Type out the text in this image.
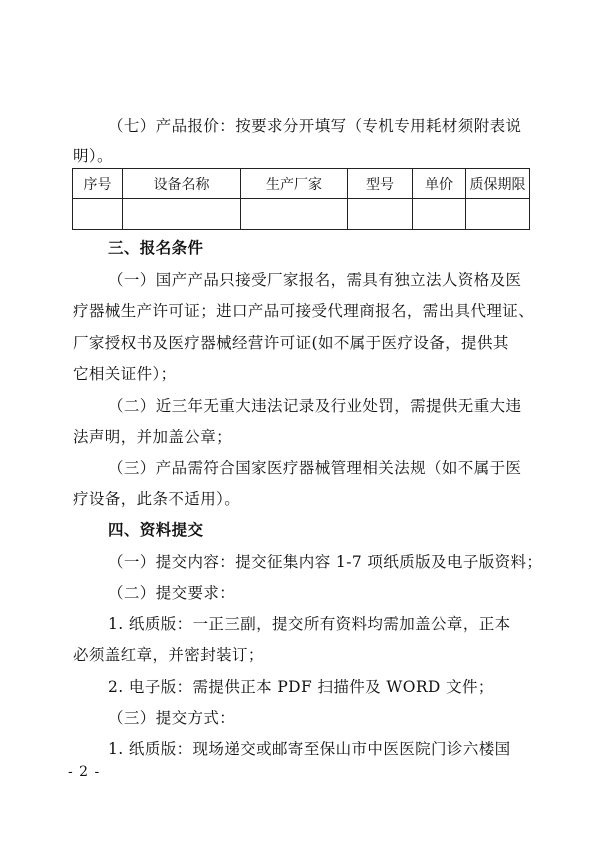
（七）产品报价：按要求分开填写（专机专用耗材须附表说
明）。
序号	设备名称	生产厂家	型号	单价	质保期限

三、报名条件
（一）国产产品只接受厂家报名，需具有独立法人资格及医
疗器械生产许可证；进口产品可接受代理商报名，需出具代理证、
厂家授权书及医疗器械经营许可证(如不属于医疗设备，提供其
它相关证件）；
（二）近三年无重大违法记录及行业处罚，需提供无重大违
法声明，并加盖公章；
（三）产品需符合国家医疗器械管理相关法规（如不属于医
疗设备，此条不适用）。
四、资料提交
（一）提交内容：提交征集内容 1-7 项纸质版及电子版资料；
（二）提交要求：
1. 纸质版：一正三副，提交所有资料均需加盖公章，正本
必须盖红章，并密封装订；
2. 电子版：需提供正本 PDF 扫描件及 WORD 文件；
（三）提交方式：
1. 纸质版：现场递交或邮寄至保山市中医医院门诊六楼国
- 2 -
